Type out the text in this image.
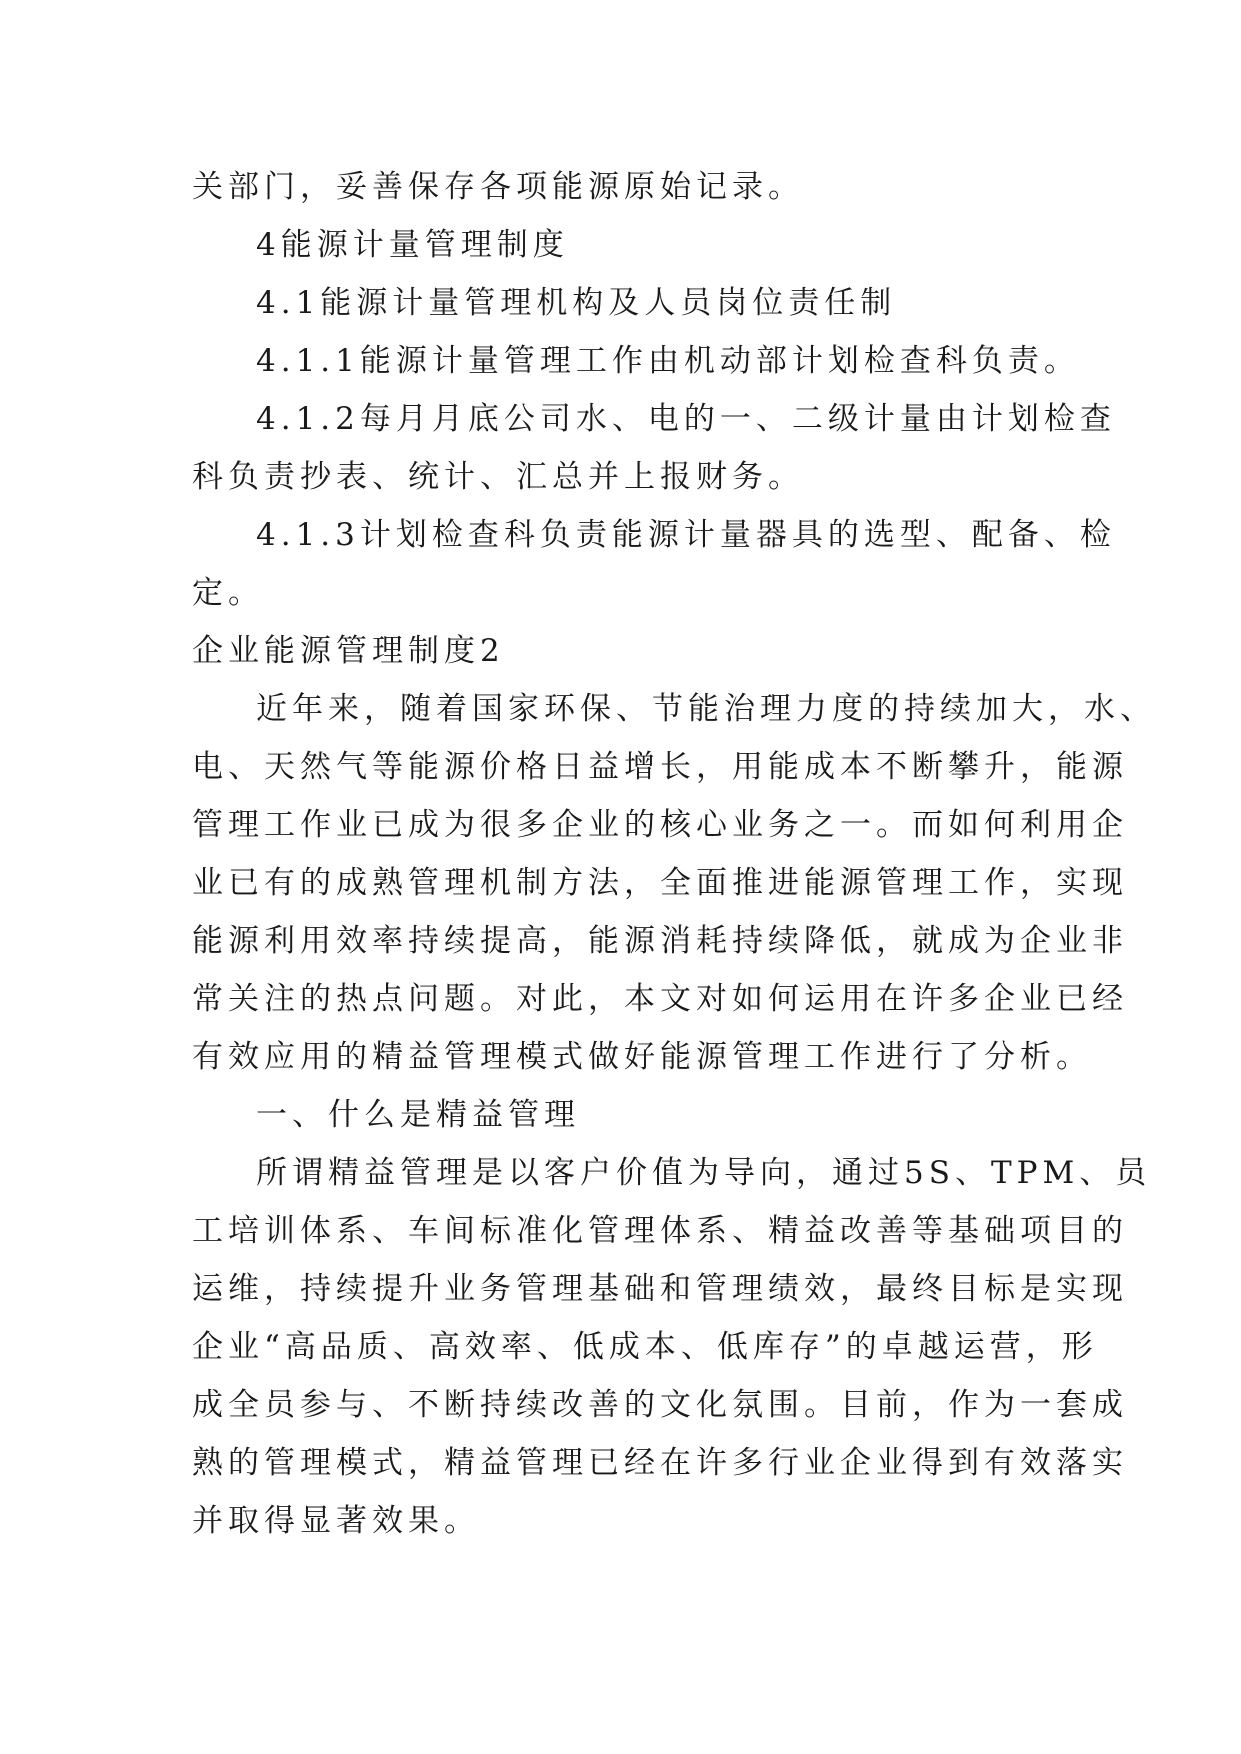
关部门，妥善保存各项能源原始记录。
4能源计量管理制度
4.1能源计量管理机构及人员岗位责任制
4.1.1能源计量管理工作由机动部计划检查科负责。
4.1.2每月月底公司水、电的一、二级计量由计划检查
科负责抄表、统计、汇总并上报财务。
4.1.3计划检查科负责能源计量器具的选型、配备、检
定。
企业能源管理制度2
近年来，随着国家环保、节能治理力度的持续加大，水、
电、天然气等能源价格日益增长，用能成本不断攀升，能源
管理工作业已成为很多企业的核心业务之一。而如何利用企
业已有的成熟管理机制方法，全面推进能源管理工作，实现
能源利用效率持续提高，能源消耗持续降低，就成为企业非
常关注的热点问题。对此，本文对如何运用在许多企业已经
有效应用的精益管理模式做好能源管理工作进行了分析。
一、什么是精益管理
所谓精益管理是以客户价值为导向，通过5S、TPM、员
工培训体系、车间标准化管理体系、精益改善等基础项目的
运维，持续提升业务管理基础和管理绩效，最终目标是实现
企业“高品质、高效率、低成本、低库存”的卓越运营，形
成全员参与、不断持续改善的文化氛围。目前，作为一套成
熟的管理模式，精益管理已经在许多行业企业得到有效落实
并取得显著效果。
